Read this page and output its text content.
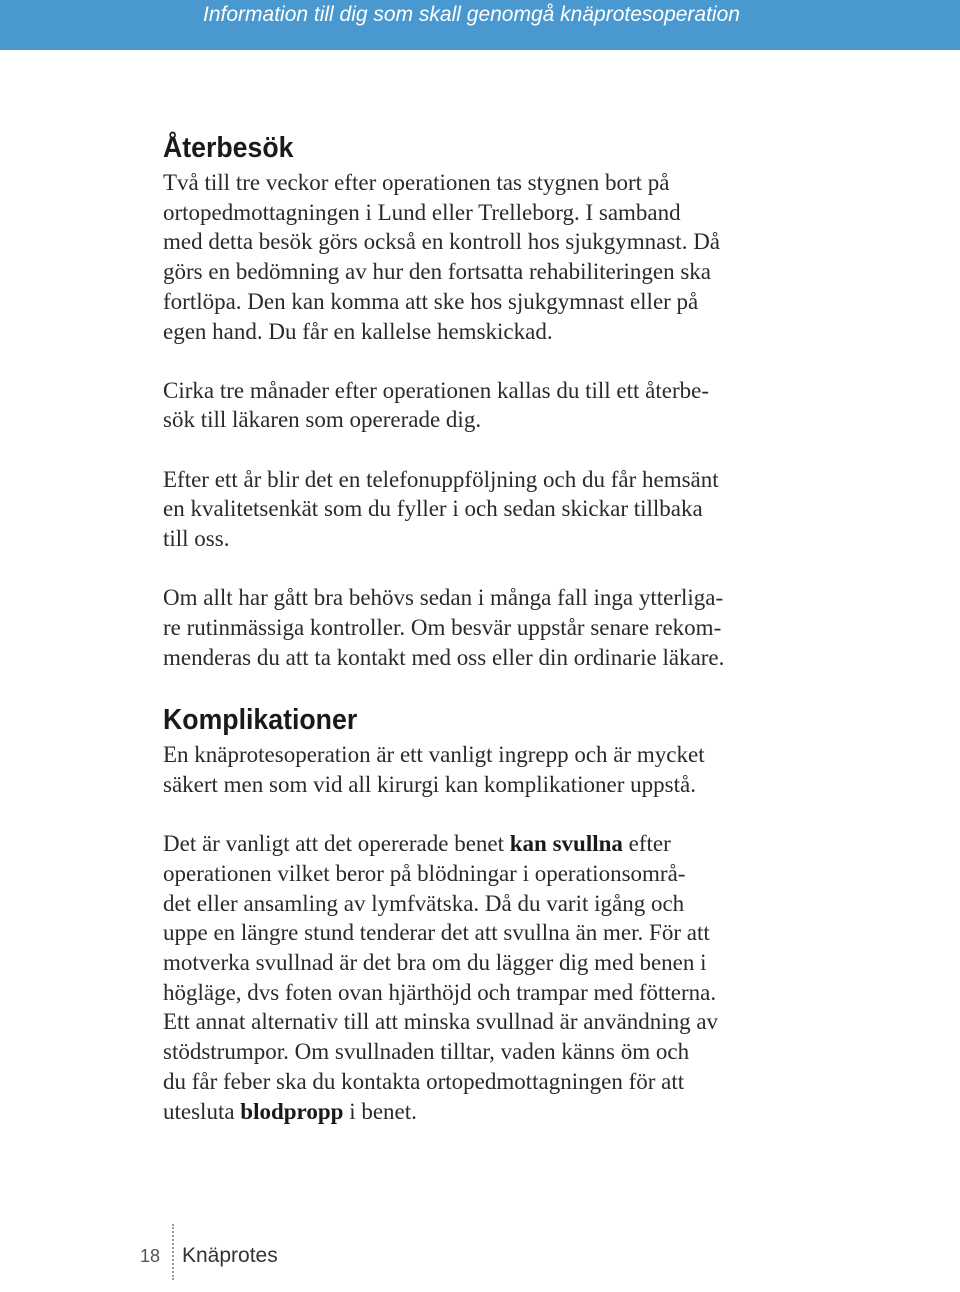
Information till dig som skall genomgå knäprotesoperation
Återbesök

Två till tre veckor efter operationen tas stygnen bort på
ortopedmottagningen i Lund eller Trelleborg. I samband
med detta besök görs också en kontroll hos sjukgymnast. Då
görs en bedömning av hur den fortsatta rehabiliteringen ska
fortlöpa. Den kan komma att ske hos sjukgymnast eller på
egen hand. Du får en kallelse hemskickad.

Cirka tre månader efter operationen kallas du till ett återbe-
sök till läkaren som opererade dig.

Efter ett år blir det en telefonuppföljning och du får hemsänt
en kvalitetsenkät som du fyller i och sedan skickar tillbaka
till oss.

Om allt har gått bra behövs sedan i många fall inga ytterliga-
re rutinmässiga kontroller. Om besvär uppstår senare rekom-
menderas du att ta kontakt med oss eller din ordinarie läkare.

Komplikationer

En knäprotesoperation är ett vanligt ingrepp och är mycket
säkert men som vid all kirurgi kan komplikationer uppstå.

Det är vanligt att det opererade benet kan svullna efter
operationen vilket beror på blödningar i operationsområ-
det eller ansamling av lymfvätska. Då du varit igång och
uppe en längre stund tenderar det att svullna än mer. För att
motverka svullnad är det bra om du lägger dig med benen i
högläge, dvs foten ovan hjärthöjd och trampar med fötterna.
Ett annat alternativ till att minska svullnad är användning av
stödstrumpor. Om svullnaden tilltar, vaden känns öm och
du får feber ska du kontakta ortopedmottagningen för att
utesluta blodpropp i benet.

18 Knäprotes
